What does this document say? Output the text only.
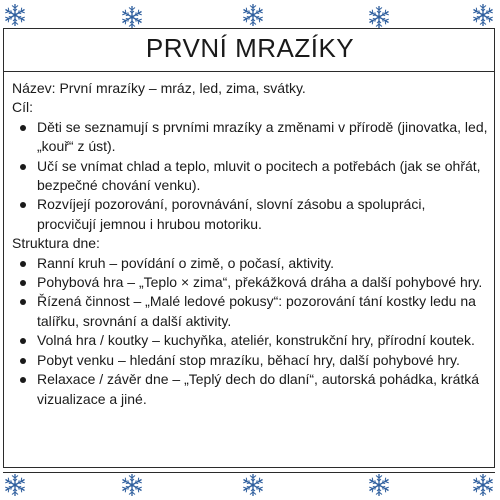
PRVNÍ MRAZÍKY

Název: První mrazíky – mráz, led, zima, svátky.

Cíl:

Děti se seznamují s prvními mrazíky a změnami v přírodě (jinovatka, led, „kouř“ z úst).
Učí se vnímat chlad a teplo, mluvit o pocitech a potřebách (jak se ohřát, bezpečné chování venku).
Rozvíjejí pozorování, porovnávání, slovní zásobu a spolupráci, procvičují jemnou i hrubou motoriku.

Struktura dne:

Ranní kruh – povídání o zimě, o počasí, aktivity.
Pohybová hra – „Teplo × zima“, překážková dráha a další pohybové hry.
Řízená činnost – „Malé ledové pokusy“: pozorování tání kostky ledu na talířku, srovnání a další aktivity.
Volná hra / koutky – kuchyňka, ateliér, konstrukční hry, přírodní koutek.
Pobyt venku – hledání stop mrazíku, běhací hry, další pohybové hry.
Relaxace / závěr dne – „Teplý dech do dlaní“, autorská pohádka, krátká vizualizace a jiné.
